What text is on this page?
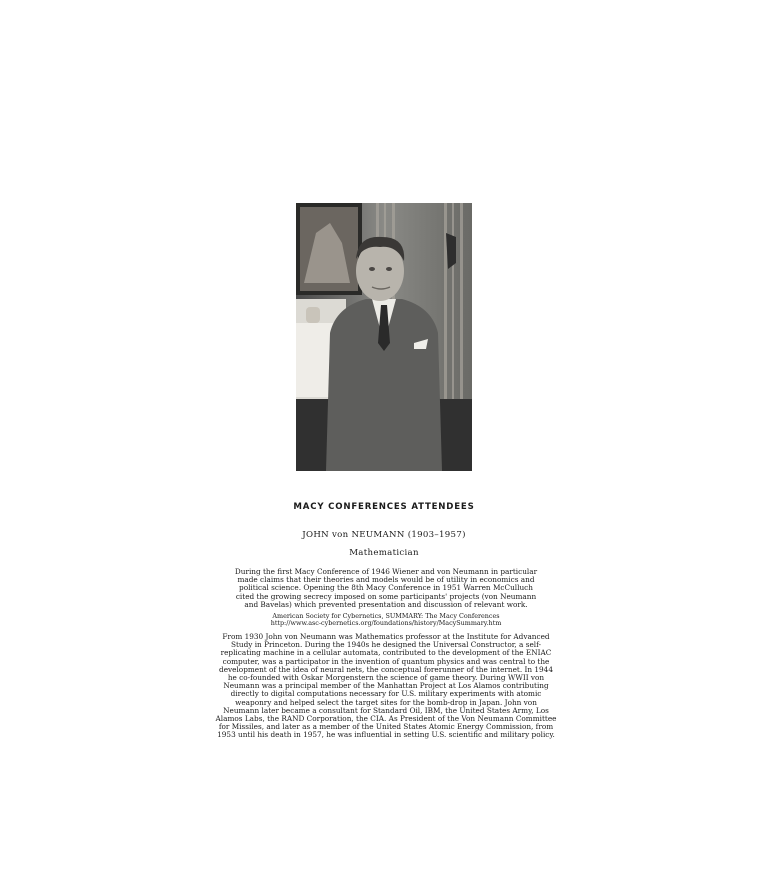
MACY CONFERENCES ATTENDEES
JOHN von NEUMANN (1903–1957)
Mathematician

During the first Macy Conference of 1946 Wiener and von Neumann in particular
made claims that their theories and models would be of utility in economics and
political science. Opening the 8th Macy Conference in 1951 Warren McCulluch
cited the growing secrecy imposed on some participants' projects (von Neumann
and Bavelas) which prevented presentation and discussion of relevant work.

American Society for Cybernetics, SUMMARY: The Macy Conferences
http://www.asc-cybernetics.org/foundations/history/MacySummary.htm

From 1930 John von Neumann was Mathematics professor at the Institute for Advanced
Study in Princeton. During the 1940s he designed the Universal Constructor, a self-
replicating machine in a cellular automata, contributed to the development of the ENIAC
computer, was a participator in the invention of quantum physics and was central to the
development of the idea of neural nets, the conceptual forerunner of the internet. In 1944
he co-founded with Oskar Morgenstern the science of game theory. During WWII von
Neumann was a principal member of the Manhattan Project at Los Alamos contributing
directly to digital computations necessary for U.S. military experiments with atomic
weaponry and helped select the target sites for the bomb-drop in Japan. John von
Neumann later became a consultant for Standard Oil, IBM, the United States Army, Los
Alamos Labs, the RAND Corporation, the CIA. As President of the Von Neumann Committee
for Missiles, and later as a member of the United States Atomic Energy Commission, from
1953 until his death in 1957, he was influential in setting U.S. scientific and military policy.
